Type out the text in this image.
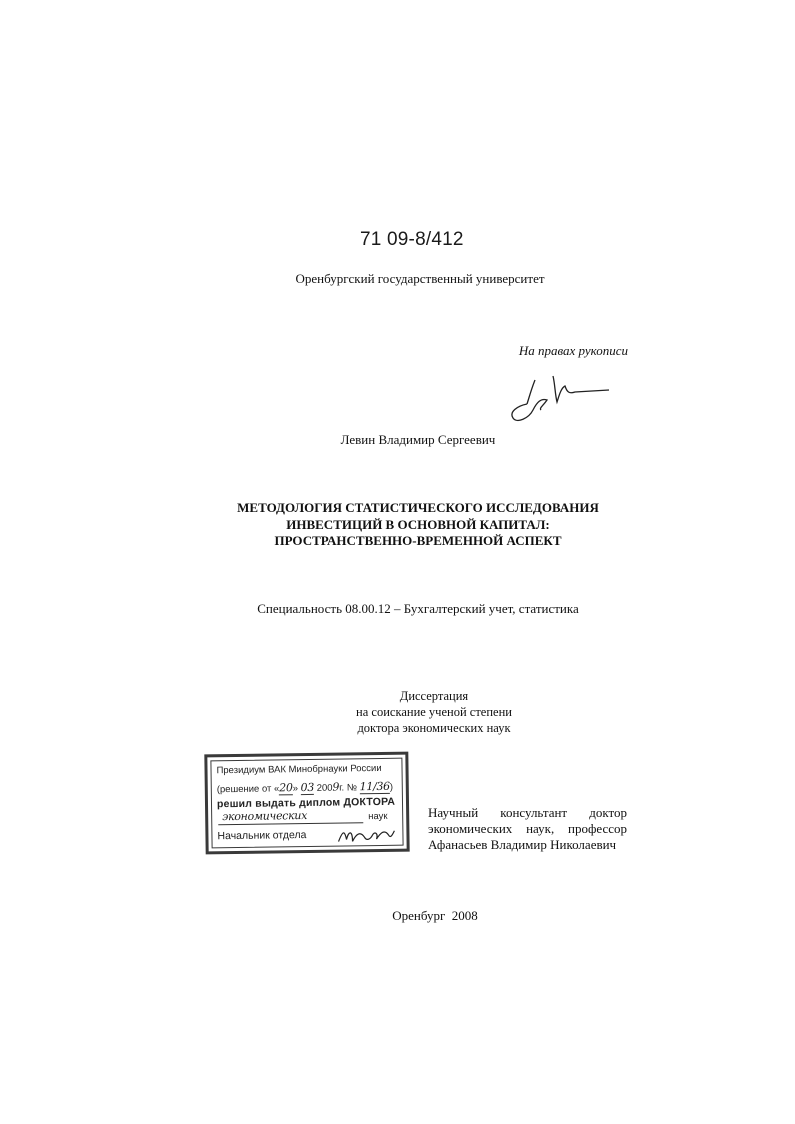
71 09-8/412
Оренбургский государственный университет
На правах рукописи
Левин Владимир Сергеевич
МЕТОДОЛОГИЯ СТАТИСТИЧЕСКОГО ИССЛЕДОВАНИЯ
ИНВЕСТИЦИЙ В ОСНОВНОЙ КАПИТАЛ:
ПРОСТРАНСТВЕННО-ВРЕМЕННОЙ АСПЕКТ
Специальность 08.00.12 – Бухгалтерский учет, статистика
Диссертация
на соискание ученой степени
доктора экономических наук
Президиум ВАК Минобрнауки России
(решение от «20» 03 2009г. № 11/36)
решил выдать диплом ДОКТОРА
экономических	наук
Начальник отдела
Научный консультант доктор
экономических наук, профессор
Афанасьев Владимир Николаевич
Оренбург  2008
